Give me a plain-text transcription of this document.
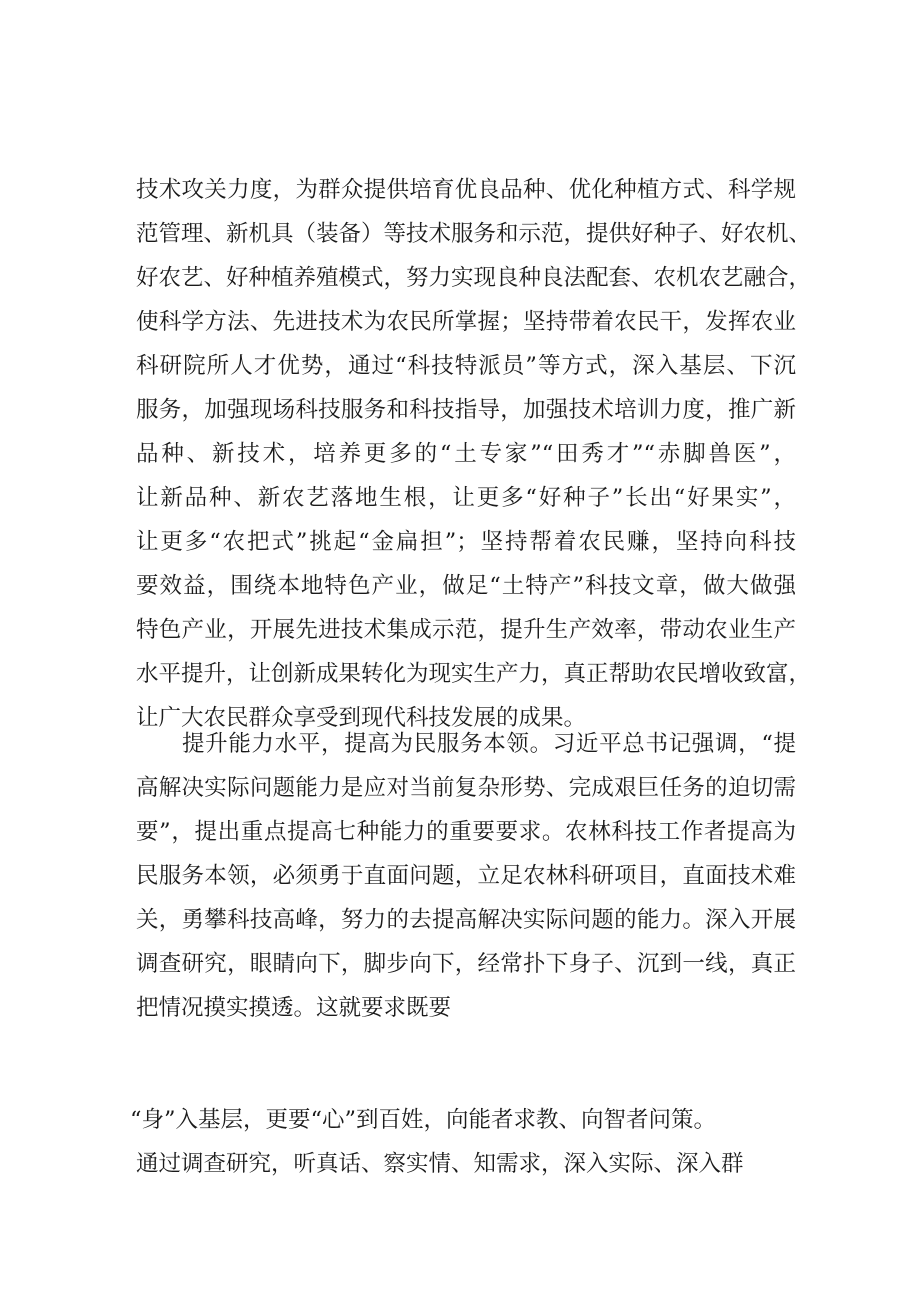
技术攻关力度，为群众提供培育优良品种、优化种植方式、科学规
范管理、新机具（装备）等技术服务和示范，提供好种子、好农机、
好农艺、好种植养殖模式，努力实现良种良法配套、农机农艺融合，
使科学方法、先进技术为农民所掌握；坚持带着农民干，发挥农业
科研院所人才优势，通过“科技特派员”等方式，深入基层、下沉
服务，加强现场科技服务和科技指导，加强技术培训力度，推广新
品种、新技术，培养更多的“土专家”“田秀才”“赤脚兽医”，
让新品种、新农艺落地生根，让更多“好种子”长出“好果实”，
让更多“农把式”挑起“金扁担”；坚持帮着农民赚，坚持向科技
要效益，围绕本地特色产业，做足“土特产”科技文章，做大做强
特色产业，开展先进技术集成示范，提升生产效率，带动农业生产
水平提升，让创新成果转化为现实生产力，真正帮助农民增收致富，
让广大农民群众享受到现代科技发展的成果。
提升能力水平，提高为民服务本领。习近平总书记强调，“提
高解决实际问题能力是应对当前复杂形势、完成艰巨任务的迫切需
要”，提出重点提高七种能力的重要要求。农林科技工作者提高为
民服务本领，必须勇于直面问题，立足农林科研项目，直面技术难
关，勇攀科技高峰，努力的去提高解决实际问题的能力。深入开展
调查研究，眼睛向下，脚步向下，经常扑下身子、沉到一线，真正
把情况摸实摸透。这就要求既要
“身”入基层，更要“心”到百姓，向能者求教、向智者问策。
通过调查研究，听真话、察实情、知需求，深入实际、深入群
